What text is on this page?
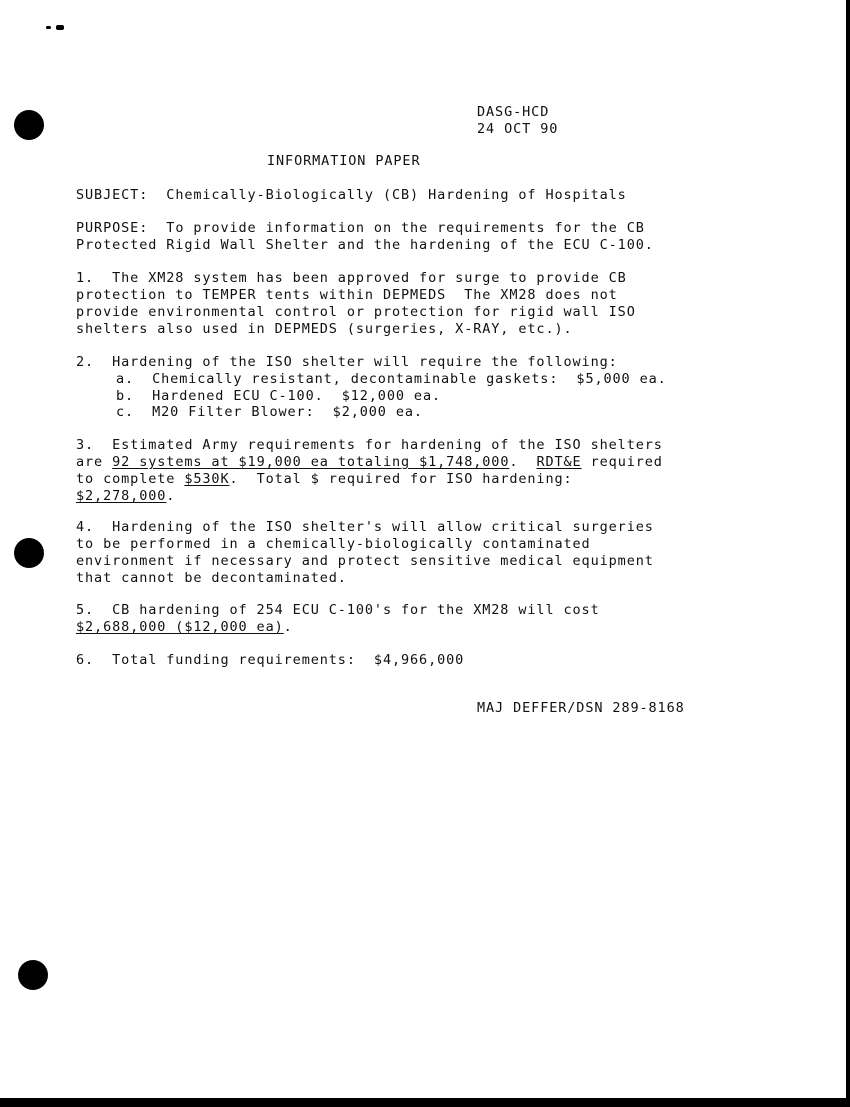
DASG-HCD
24 OCT 90
INFORMATION PAPER
SUBJECT: Chemically-Biologically (CB) Hardening of Hospitals
PURPOSE: To provide information on the requirements for the CB
Protected Rigid Wall Shelter and the hardening of the ECU C-100.
1.  The XM28 system has been approved for surge to provide CB
protection to TEMPER tents within DEPMEDS  The XM28 does not
provide environmental control or protection for rigid wall ISO
shelters also used in DEPMEDS (surgeries, X-RAY, etc.).
2.  Hardening of the ISO shelter will require the following:
a.  Chemically resistant, decontaminable gaskets:  $5,000 ea.
b.  Hardened ECU C-100.  $12,000 ea.
c.  M20 Filter Blower:  $2,000 ea.
3.  Estimated Army requirements for hardening of the ISO shelters
are 92 systems at $19,000 ea totaling $1,748,000.  RDT&E required
to complete $530K.  Total $ required for ISO hardening:
$2,278,000.
4.  Hardening of the ISO shelter's will allow critical surgeries
to be performed in a chemically-biologically contaminated
environment if necessary and protect sensitive medical equipment
that cannot be decontaminated.
5.  CB hardening of 254 ECU C-100's for the XM28 will cost
$2,688,000 ($12,000 ea).
6.  Total funding requirements:  $4,966,000
MAJ DEFFER/DSN 289-8168
